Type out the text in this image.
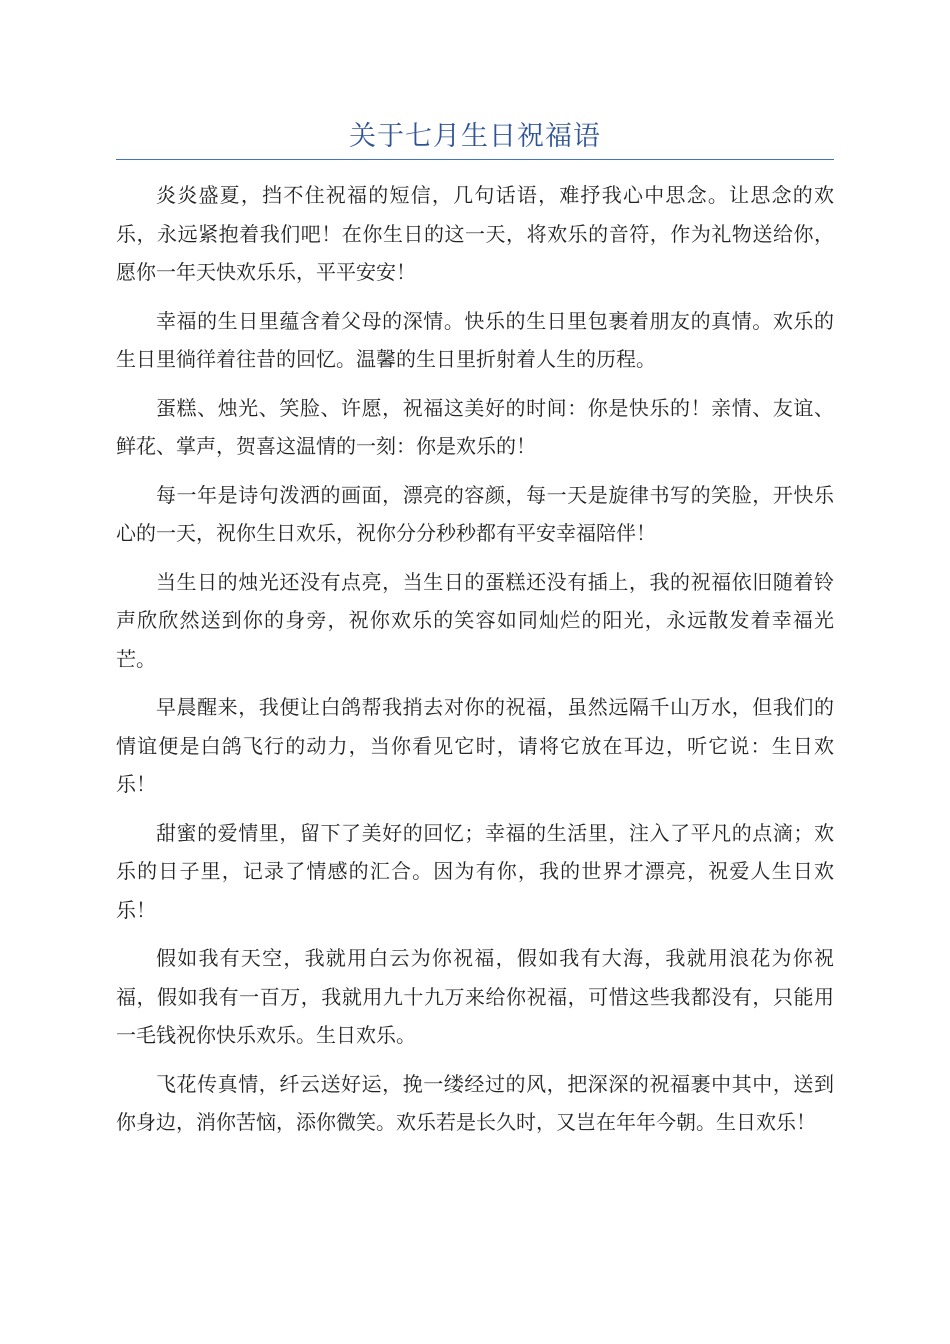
关于七月生日祝福语

炎炎盛夏，挡不住祝福的短信，几句话语，难抒我心中思念。让思念的欢乐，永远紧抱着我们吧！在你生日的这一天，将欢乐的音符，作为礼物送给你，愿你一年天快欢乐乐，平平安安！

幸福的生日里蕴含着父母的深情。快乐的生日里包裹着朋友的真情。欢乐的生日里徜徉着往昔的回忆。温馨的生日里折射着人生的历程。

蛋糕、烛光、笑脸、许愿，祝福这美好的时间：你是快乐的！亲情、友谊、鲜花、掌声，贺喜这温情的一刻：你是欢乐的！

每一年是诗句泼洒的画面，漂亮的容颜，每一天是旋律书写的笑脸，开快乐心的一天，祝你生日欢乐，祝你分分秒秒都有平安幸福陪伴！

当生日的烛光还没有点亮，当生日的蛋糕还没有插上，我的祝福依旧随着铃声欣欣然送到你的身旁，祝你欢乐的笑容如同灿烂的阳光，永远散发着幸福光芒。

早晨醒来，我便让白鸽帮我捎去对你的祝福，虽然远隔千山万水，但我们的情谊便是白鸽飞行的动力，当你看见它时，请将它放在耳边，听它说：生日欢乐！

甜蜜的爱情里，留下了美好的回忆；幸福的生活里，注入了平凡的点滴；欢乐的日子里，记录了情感的汇合。因为有你，我的世界才漂亮，祝爱人生日欢乐！

假如我有天空，我就用白云为你祝福，假如我有大海，我就用浪花为你祝福，假如我有一百万，我就用九十九万来给你祝福，可惜这些我都没有，只能用一毛钱祝你快乐欢乐。生日欢乐。

飞花传真情，纤云送好运，挽一缕经过的风，把深深的祝福裹中其中，送到你身边，消你苦恼，添你微笑。欢乐若是长久时，又岂在年年今朝。生日欢乐！
